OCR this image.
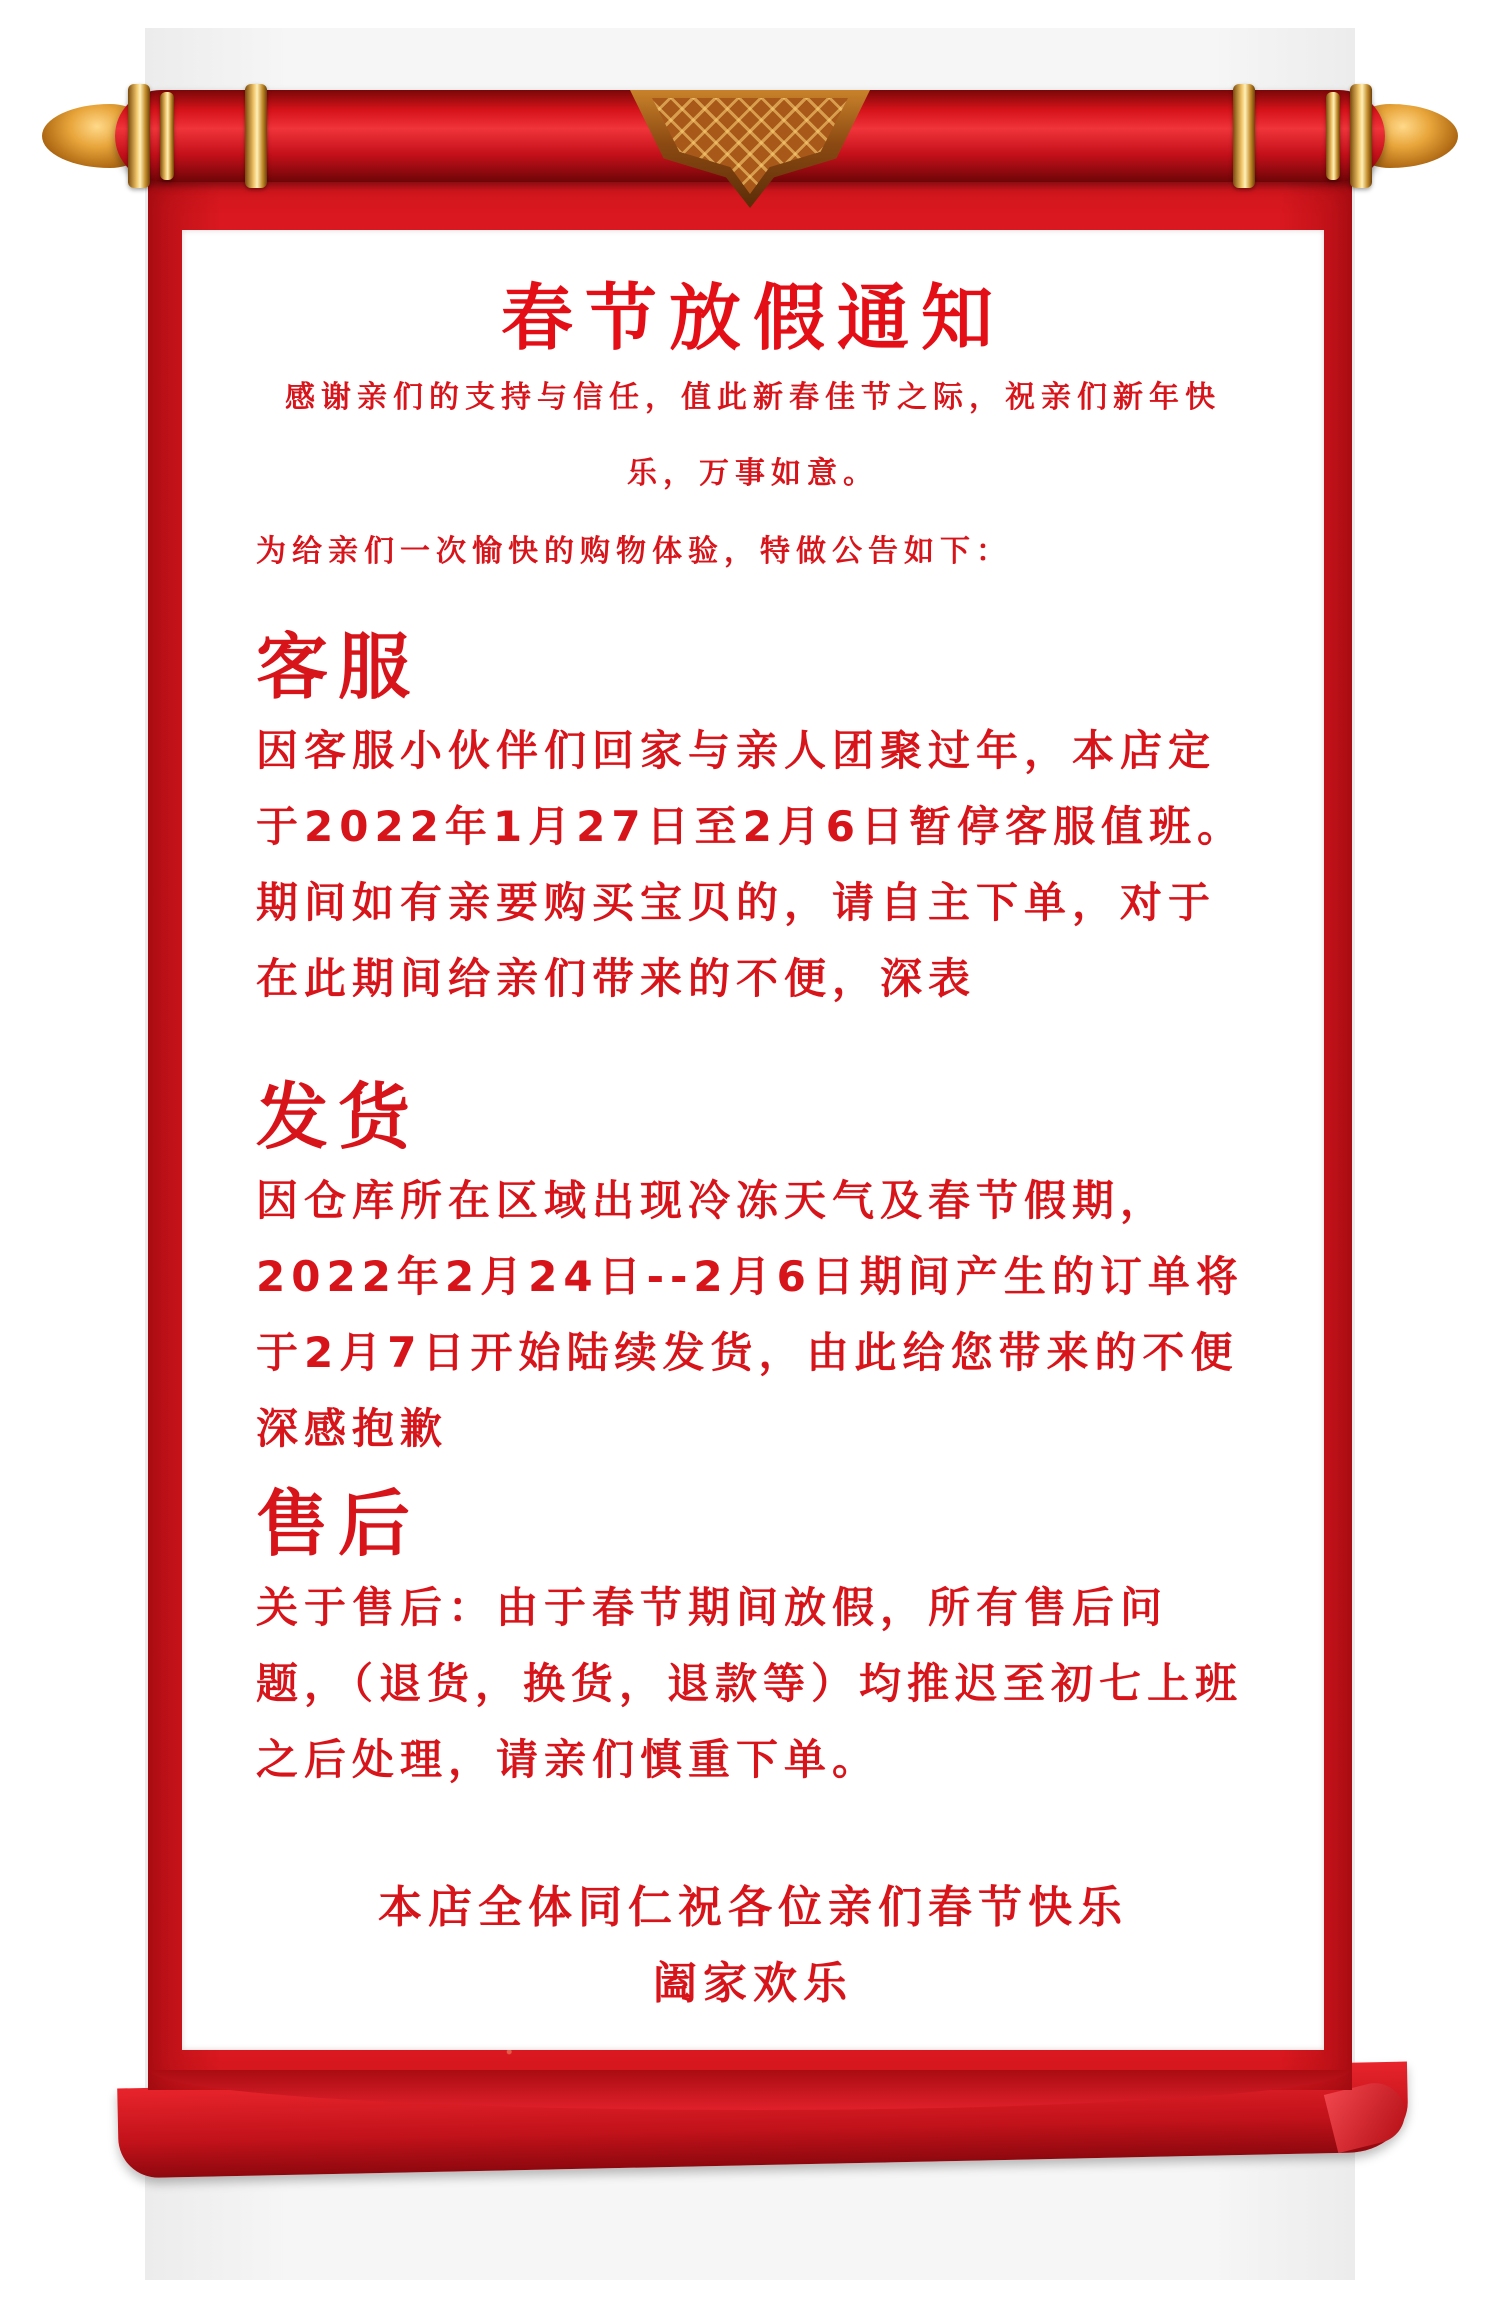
春节放假通知

感谢亲们的支持与信任，值此新春佳节之际，祝亲们新年快乐，万事如意。

为给亲们一次愉快的购物体验，特做公告如下：

客服

因客服小伙伴们回家与亲人团聚过年，本店定于2022年1月27日至2月6日暂停客服值班。期间如有亲要购买宝贝的，请自主下单，对于在此期间给亲们带来的不便，深表

发货

因仓库所在区域出现冷冻天气及春节假期，2022年2月24日--2月6日期间产生的订单将于2月7日开始陆续发货，由此给您带来的不便深感抱歉

售后

关于售后：由于春节期间放假，所有售后问题，（退货，换货，退款等）均推迟至初七上班之后处理，请亲们慎重下单。

本店全体同仁祝各位亲们春节快乐
阖家欢乐
